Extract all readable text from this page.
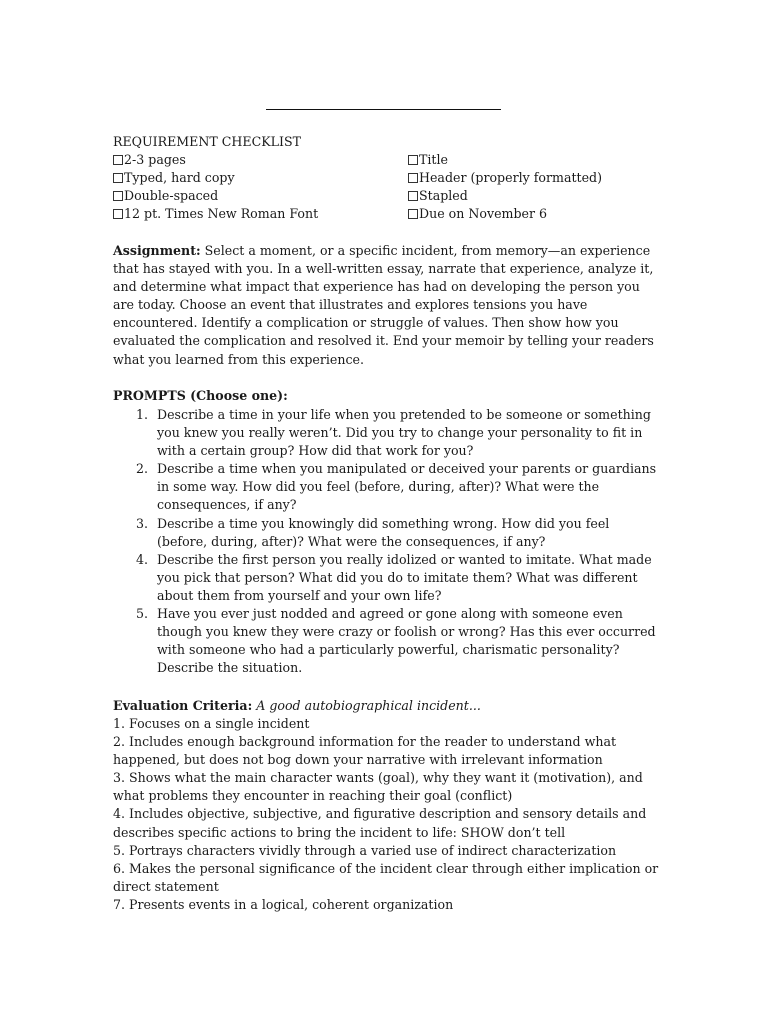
REQUIREMENT CHECKLIST

2-3 pages
Typed, hard copy
Double-spaced
12 pt. Times New Roman Font
Title
Header (properly formatted)
Stapled
Due on November 6

Assignment: Select a moment, or a specific incident, from memory—an experience that has stayed with you. In a well-written essay, narrate that experience, analyze it, and determine what impact that experience has had on developing the person you are today. Choose an event that illustrates and explores tensions you have encountered. Identify a complication or struggle of values. Then show how you evaluated the complication and resolved it. End your memoir by telling your readers what you learned from this experience.

PROMPTS (Choose one):

1. Describe a time in your life when you pretended to be someone or something you knew you really weren’t. Did you try to change your personality to fit in with a certain group? How did that work for you?
2. Describe a time when you manipulated or deceived your parents or guardians in some way. How did you feel (before, during, after)? What were the consequences, if any?
3. Describe a time you knowingly did something wrong. How did you feel (before, during, after)? What were the consequences, if any?
4. Describe the first person you really idolized or wanted to imitate. What made you pick that person? What did you do to imitate them? What was different about them from yourself and your own life?
5. Have you ever just nodded and agreed or gone along with someone even though you knew they were crazy or foolish or wrong? Has this ever occurred with someone who had a particularly powerful, charismatic personality? Describe the situation.

Evaluation Criteria: A good autobiographical incident...

1. Focuses on a single incident
2. Includes enough background information for the reader to understand what happened, but does not bog down your narrative with irrelevant information
3. Shows what the main character wants (goal), why they want it (motivation), and what problems they encounter in reaching their goal (conflict)
4. Includes objective, subjective, and figurative description and sensory details and describes specific actions to bring the incident to life: SHOW don’t tell
5. Portrays characters vividly through a varied use of indirect characterization
6. Makes the personal significance of the incident clear through either implication or direct statement
7. Presents events in a logical, coherent organization
